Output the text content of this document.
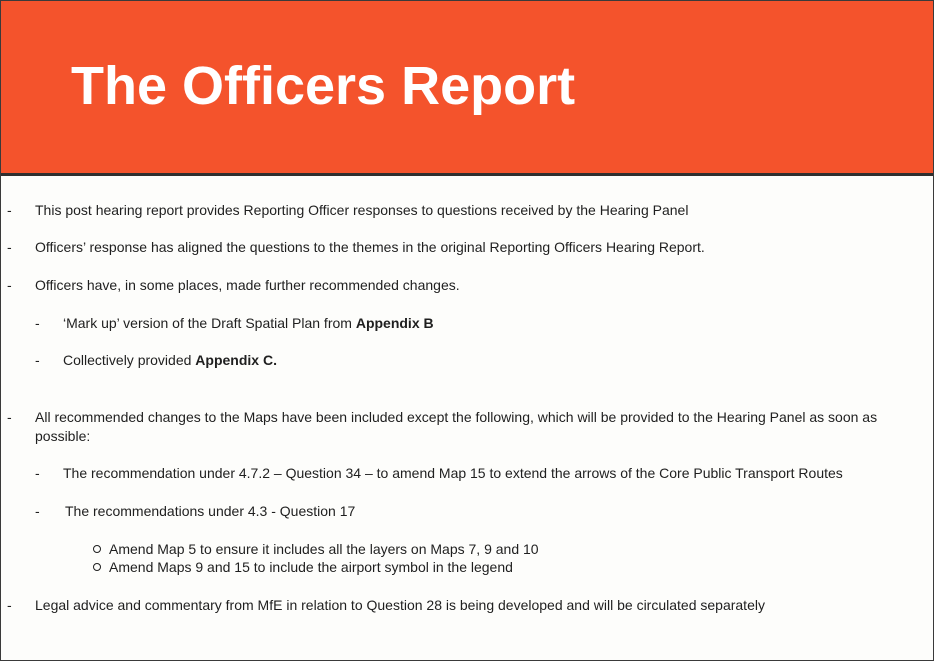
The Officers Report
- This post hearing report provides Reporting Officer responses to questions received by the Hearing Panel
- Officers’ response has aligned the questions to the themes in the original Reporting Officers Hearing Report.
- Officers have, in some places, made further recommended changes.
- ‘Mark up’ version of the Draft Spatial Plan from Appendix B
- Collectively provided Appendix C.
- All recommended changes to the Maps have been included except the following, which will be provided to the Hearing Panel as soon as possible:
- The recommendation under 4.7.2 – Question 34 – to amend Map 15 to extend the arrows of the Core Public Transport Routes
- The recommendations under 4.3 - Question 17
Amend Map 5 to ensure it includes all the layers on Maps 7, 9 and 10
Amend Maps 9 and 15 to include the airport symbol in the legend
- Legal advice and commentary from MfE in relation to Question 28 is being developed and will be circulated separately
